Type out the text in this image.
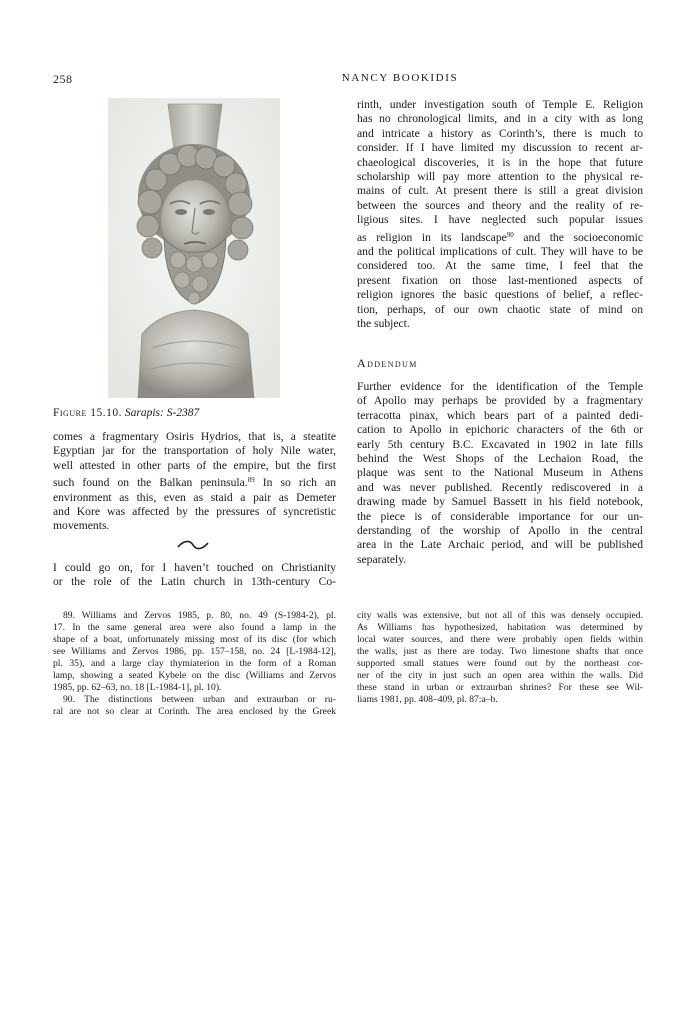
258	NANCY BOOKIDIS
Figure 15.10. Sarapis: S-2387
comes a fragmentary Osiris Hydrios, that is, a steatite
Egyptian jar for the transportation of holy Nile water,
well attested in other parts of the empire, but the first
such found on the Balkan peninsula.$^{89}$ In so rich an
environment as this, even as staid a pair as Demeter
and Kore was affected by the pressures of syncretistic
movements.
I could go on, for I haven’t touched on Christianity
or the role of the Latin church in 13th-century Co-
rinth, under investigation south of Temple E. Religion
has no chronological limits, and in a city with as long
and intricate a history as Corinth’s, there is much to
consider. If I have limited my discussion to recent ar-
chaeological discoveries, it is in the hope that future
scholarship will pay more attention to the physical re-
mains of cult. At present there is still a great division
between the sources and theory and the reality of re-
ligious sites. I have neglected such popular issues
as religion in its landscape$^{90}$ and the socioeconomic
and the political implications of cult. They will have to be
considered too. At the same time, I feel that the
present fixation on those last-mentioned aspects of
religion ignores the basic questions of belief, a reflec-
tion, perhaps, of our own chaotic state of mind on
the subject.
Addendum
Further evidence for the identification of the Temple
of Apollo may perhaps be provided by a fragmentary
terracotta pinax, which bears part of a painted dedi-
cation to Apollo in epichoric characters of the 6th or
early 5th century B.C. Excavated in 1902 in late fills
behind the West Shops of the Lechaion Road, the
plaque was sent to the National Museum in Athens
and was never published. Recently rediscovered in a
drawing made by Samuel Bassett in his field notebook,
the piece is of considerable importance for our un-
derstanding of the worship of Apollo in the central
area in the Late Archaic period, and will be published
separately.
89. Williams and Zervos 1985, p. 80, no. 49 (S-1984-2), pl.
17. In the same general area were also found a lamp in the
shape of a boat, unfortunately missing most of its disc (for which
see Williams and Zervos 1986, pp. 157–158, no. 24 [L-1984-12],
pl. 35), and a large clay thymiaterion in the form of a Roman
lamp, showing a seated Kybele on the disc (Williams and Zervos
1985, pp. 62–63, no. 18 [L-1984-1], pl. 10).
90. The distinctions between urban and extraurban or ru-
ral are not so clear at Corinth. The area enclosed by the Greek
city walls was extensive, but not all of this was densely occupied.
As Williams has hypothesized, habitation was determined by
local water sources, and there were probably open fields within
the walls, just as there are today. Two limestone shafts that once
supported small statues were found out by the northeast cor-
ner of the city in just such an open area within the walls. Did
these stand in urban or extraurban shrines? For these see Wil-
liams 1981, pp. 408–409, pl. 87:a–b.
